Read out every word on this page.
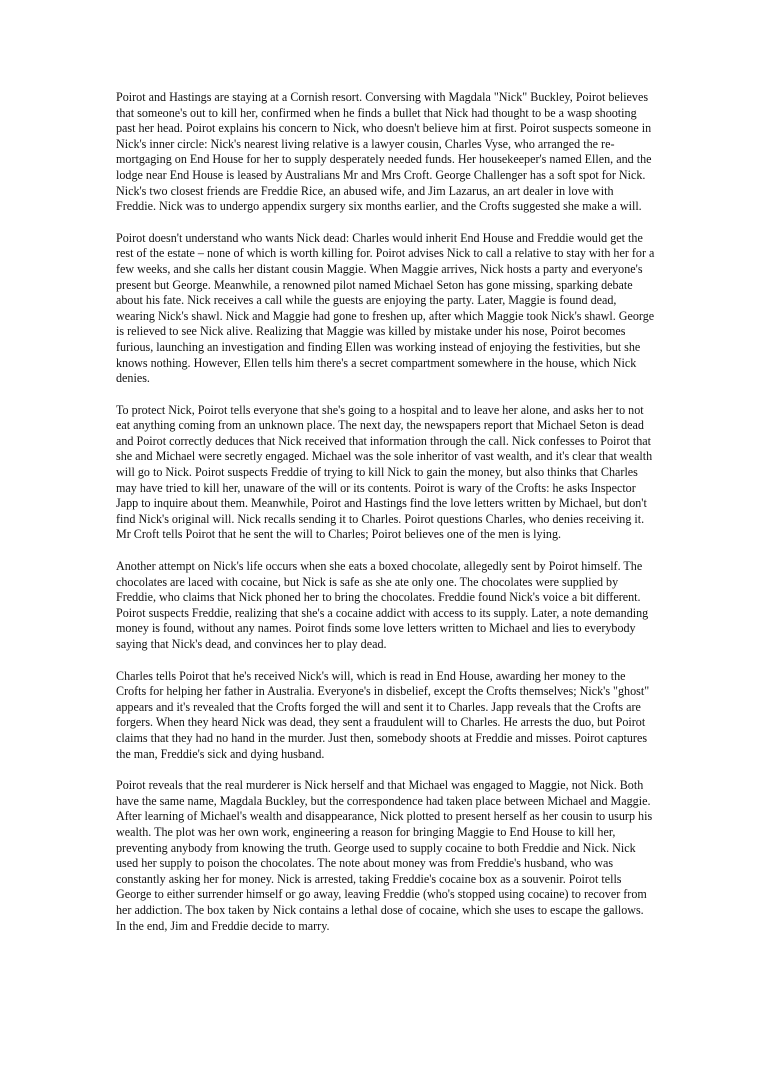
Poirot and Hastings are staying at a Cornish resort. Conversing with Magdala "Nick" Buckley, Poirot believes that someone's out to kill her, confirmed when he finds a bullet that Nick had thought to be a wasp shooting past her head. Poirot explains his concern to Nick, who doesn't believe him at first. Poirot suspects someone in Nick's inner circle: Nick's nearest living relative is a lawyer cousin, Charles Vyse, who arranged the re-mortgaging on End House for her to supply desperately needed funds. Her housekeeper's named Ellen, and the lodge near End House is leased by Australians Mr and Mrs Croft. George Challenger has a soft spot for Nick. Nick's two closest friends are Freddie Rice, an abused wife, and Jim Lazarus, an art dealer in love with Freddie. Nick was to undergo appendix surgery six months earlier, and the Crofts suggested she make a will.

Poirot doesn't understand who wants Nick dead: Charles would inherit End House and Freddie would get the rest of the estate – none of which is worth killing for. Poirot advises Nick to call a relative to stay with her for a few weeks, and she calls her distant cousin Maggie. When Maggie arrives, Nick hosts a party and everyone's present but George. Meanwhile, a renowned pilot named Michael Seton has gone missing, sparking debate about his fate. Nick receives a call while the guests are enjoying the party. Later, Maggie is found dead, wearing Nick's shawl. Nick and Maggie had gone to freshen up, after which Maggie took Nick's shawl. George is relieved to see Nick alive. Realizing that Maggie was killed by mistake under his nose, Poirot becomes furious, launching an investigation and finding Ellen was working instead of enjoying the festivities, but she knows nothing. However, Ellen tells him there's a secret compartment somewhere in the house, which Nick denies.

To protect Nick, Poirot tells everyone that she's going to a hospital and to leave her alone, and asks her to not eat anything coming from an unknown place. The next day, the newspapers report that Michael Seton is dead and Poirot correctly deduces that Nick received that information through the call. Nick confesses to Poirot that she and Michael were secretly engaged. Michael was the sole inheritor of vast wealth, and it's clear that wealth will go to Nick. Poirot suspects Freddie of trying to kill Nick to gain the money, but also thinks that Charles may have tried to kill her, unaware of the will or its contents. Poirot is wary of the Crofts: he asks Inspector Japp to inquire about them. Meanwhile, Poirot and Hastings find the love letters written by Michael, but don't find Nick's original will. Nick recalls sending it to Charles. Poirot questions Charles, who denies receiving it. Mr Croft tells Poirot that he sent the will to Charles; Poirot believes one of the men is lying.

Another attempt on Nick's life occurs when she eats a boxed chocolate, allegedly sent by Poirot himself. The chocolates are laced with cocaine, but Nick is safe as she ate only one. The chocolates were supplied by Freddie, who claims that Nick phoned her to bring the chocolates. Freddie found Nick's voice a bit different. Poirot suspects Freddie, realizing that she's a cocaine addict with access to its supply. Later, a note demanding money is found, without any names. Poirot finds some love letters written to Michael and lies to everybody saying that Nick's dead, and convinces her to play dead.

Charles tells Poirot that he's received Nick's will, which is read in End House, awarding her money to the Crofts for helping her father in Australia. Everyone's in disbelief, except the Crofts themselves; Nick's "ghost" appears and it's revealed that the Crofts forged the will and sent it to Charles. Japp reveals that the Crofts are forgers. When they heard Nick was dead, they sent a fraudulent will to Charles. He arrests the duo, but Poirot claims that they had no hand in the murder. Just then, somebody shoots at Freddie and misses. Poirot captures the man, Freddie's sick and dying husband.

Poirot reveals that the real murderer is Nick herself and that Michael was engaged to Maggie, not Nick. Both have the same name, Magdala Buckley, but the correspondence had taken place between Michael and Maggie. After learning of Michael's wealth and disappearance, Nick plotted to present herself as her cousin to usurp his wealth. The plot was her own work, engineering a reason for bringing Maggie to End House to kill her, preventing anybody from knowing the truth. George used to supply cocaine to both Freddie and Nick. Nick used her supply to poison the chocolates. The note about money was from Freddie's husband, who was constantly asking her for money. Nick is arrested, taking Freddie's cocaine box as a souvenir. Poirot tells George to either surrender himself or go away, leaving Freddie (who's stopped using cocaine) to recover from her addiction. The box taken by Nick contains a lethal dose of cocaine, which she uses to escape the gallows. In the end, Jim and Freddie decide to marry.
